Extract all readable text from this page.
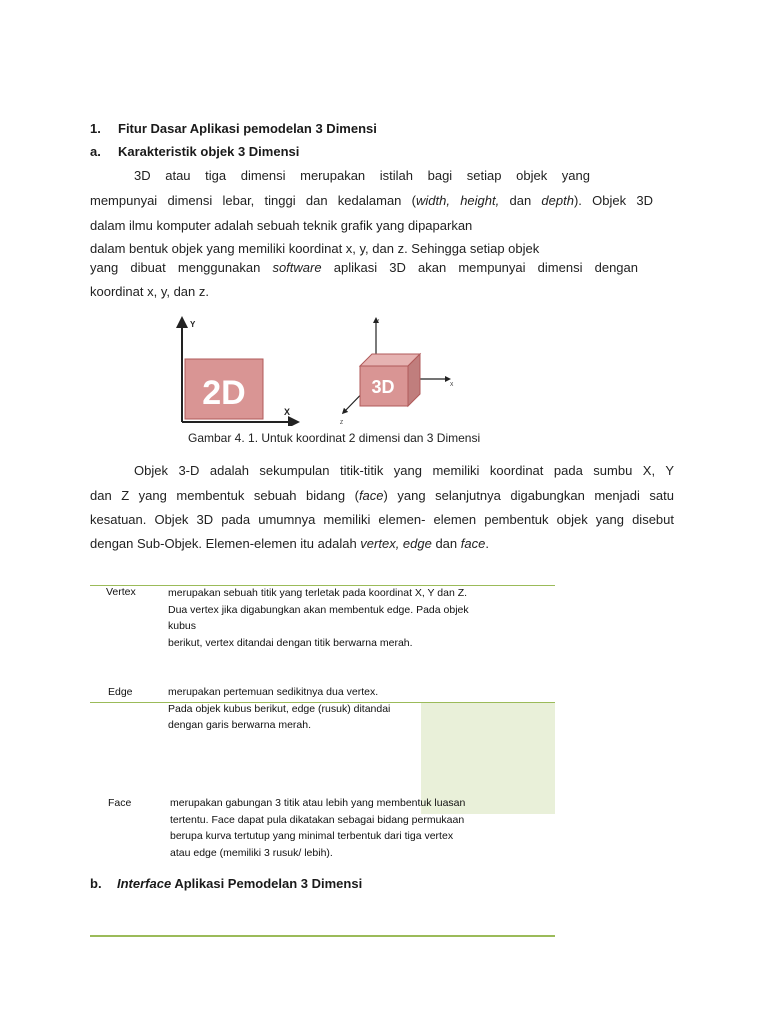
1. Fitur Dasar Aplikasi pemodelan 3 Dimensi
a. Karakteristik objek 3 Dimensi
3D atau tiga dimensi merupakan istilah bagi setiap objek yang
mempunyai dimensi lebar, tinggi dan kedalaman (width, height, dan depth). Objek 3D
dalam ilmu komputer adalah sebuah teknik grafik yang dipaparkan
dalam bentuk objek yang memiliki koordinat x, y, dan z. Sehingga setiap objek
yang dibuat menggunakan software aplikasi 3D akan mempunyai dimensi dengan
koordinat x, y, dan z.
2D
Y
X
3D
Y
X
Z
Gambar 4. 1. Untuk koordinat 2 dimensi dan 3 Dimensi
Objek 3-D adalah sekumpulan titik-titik yang memiliki koordinat pada sumbu X, Y
dan Z yang membentuk sebuah bidang (face) yang selanjutnya digabungkan menjadi satu
kesatuan. Objek 3D pada umumnya memiliki elemen- elemen pembentuk objek yang disebut
dengan Sub-Objek. Elemen-elemen itu adalah vertex, edge dan face.
Vertex	merupakan sebuah titik yang terletak pada koordinat X, Y dan Z.
Dua vertex jika digabungkan akan membentuk edge. Pada objek
kubus
berikut, vertex ditandai dengan titik berwarna merah.
Edge	merupakan pertemuan sedikitnya dua vertex.
Pada objek kubus berikut, edge (rusuk) ditandai
dengan garis berwarna merah.
Face	merupakan gabungan 3 titik atau lebih yang membentuk luasan
tertentu. Face dapat pula dikatakan sebagai bidang permukaan
berupa kurva tertutup yang minimal terbentuk dari tiga vertex
atau edge (memiliki 3 rusuk/ lebih).
b. Interface Aplikasi Pemodelan 3 Dimensi
